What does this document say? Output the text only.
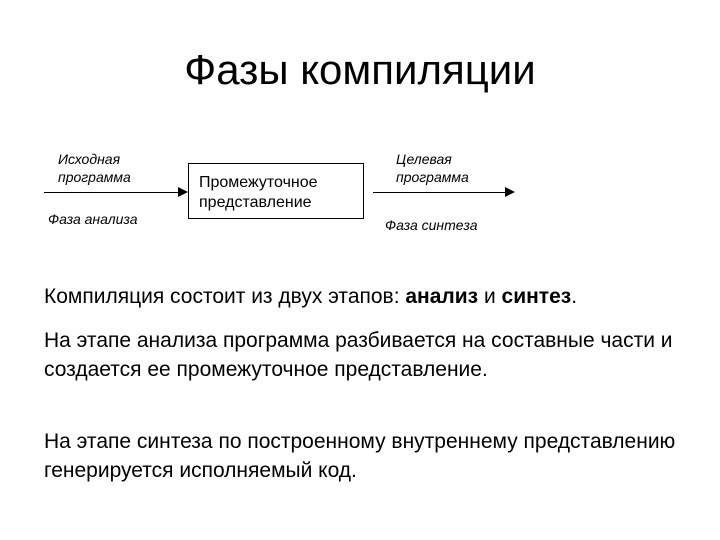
Фазы компиляции
Исходная
программа
Фаза анализа
Промежуточное
представление
Целевая
программа
Фаза синтеза

Компиляция состоит из двух этапов: анализ и синтез.

На этапе анализа программа разбивается на составные части и создается ее промежуточное представление.

На этапе синтеза по построенному внутреннему представлению генерируется исполняемый код.
